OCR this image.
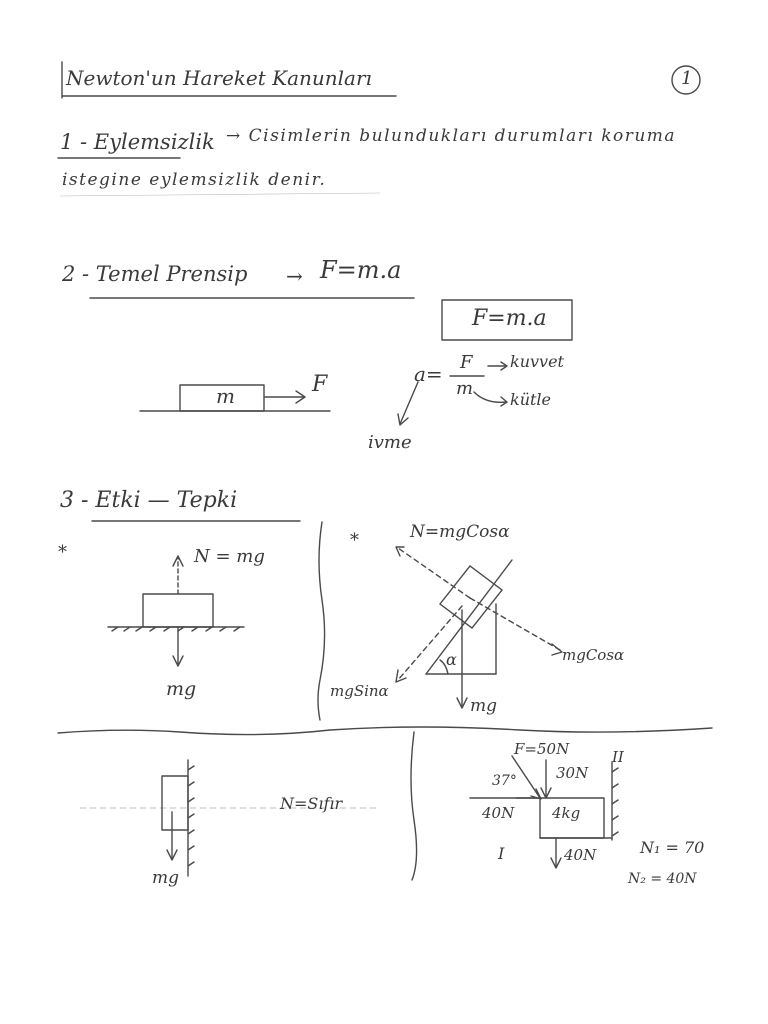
Newton'un Hareket Kanunları	1
1 - Eylemsizlik → Cisimlerin bulundukları durumları koruma
istegine eylemsizlik denir.
2 - Temel Prensip → F=m.a
F=m.a
m	F	a= F
m
kuvvet
kütle
ivme
3 - Etki — Tepki
*	N = mg
mg
*	N=mgCosα
mgCosα
mgSinα
α
mg
N=Sıfır
mg
F=50N
37°	30N
40N	4kg
40N
I
II
N₁ = 70
N₂ = 40N
